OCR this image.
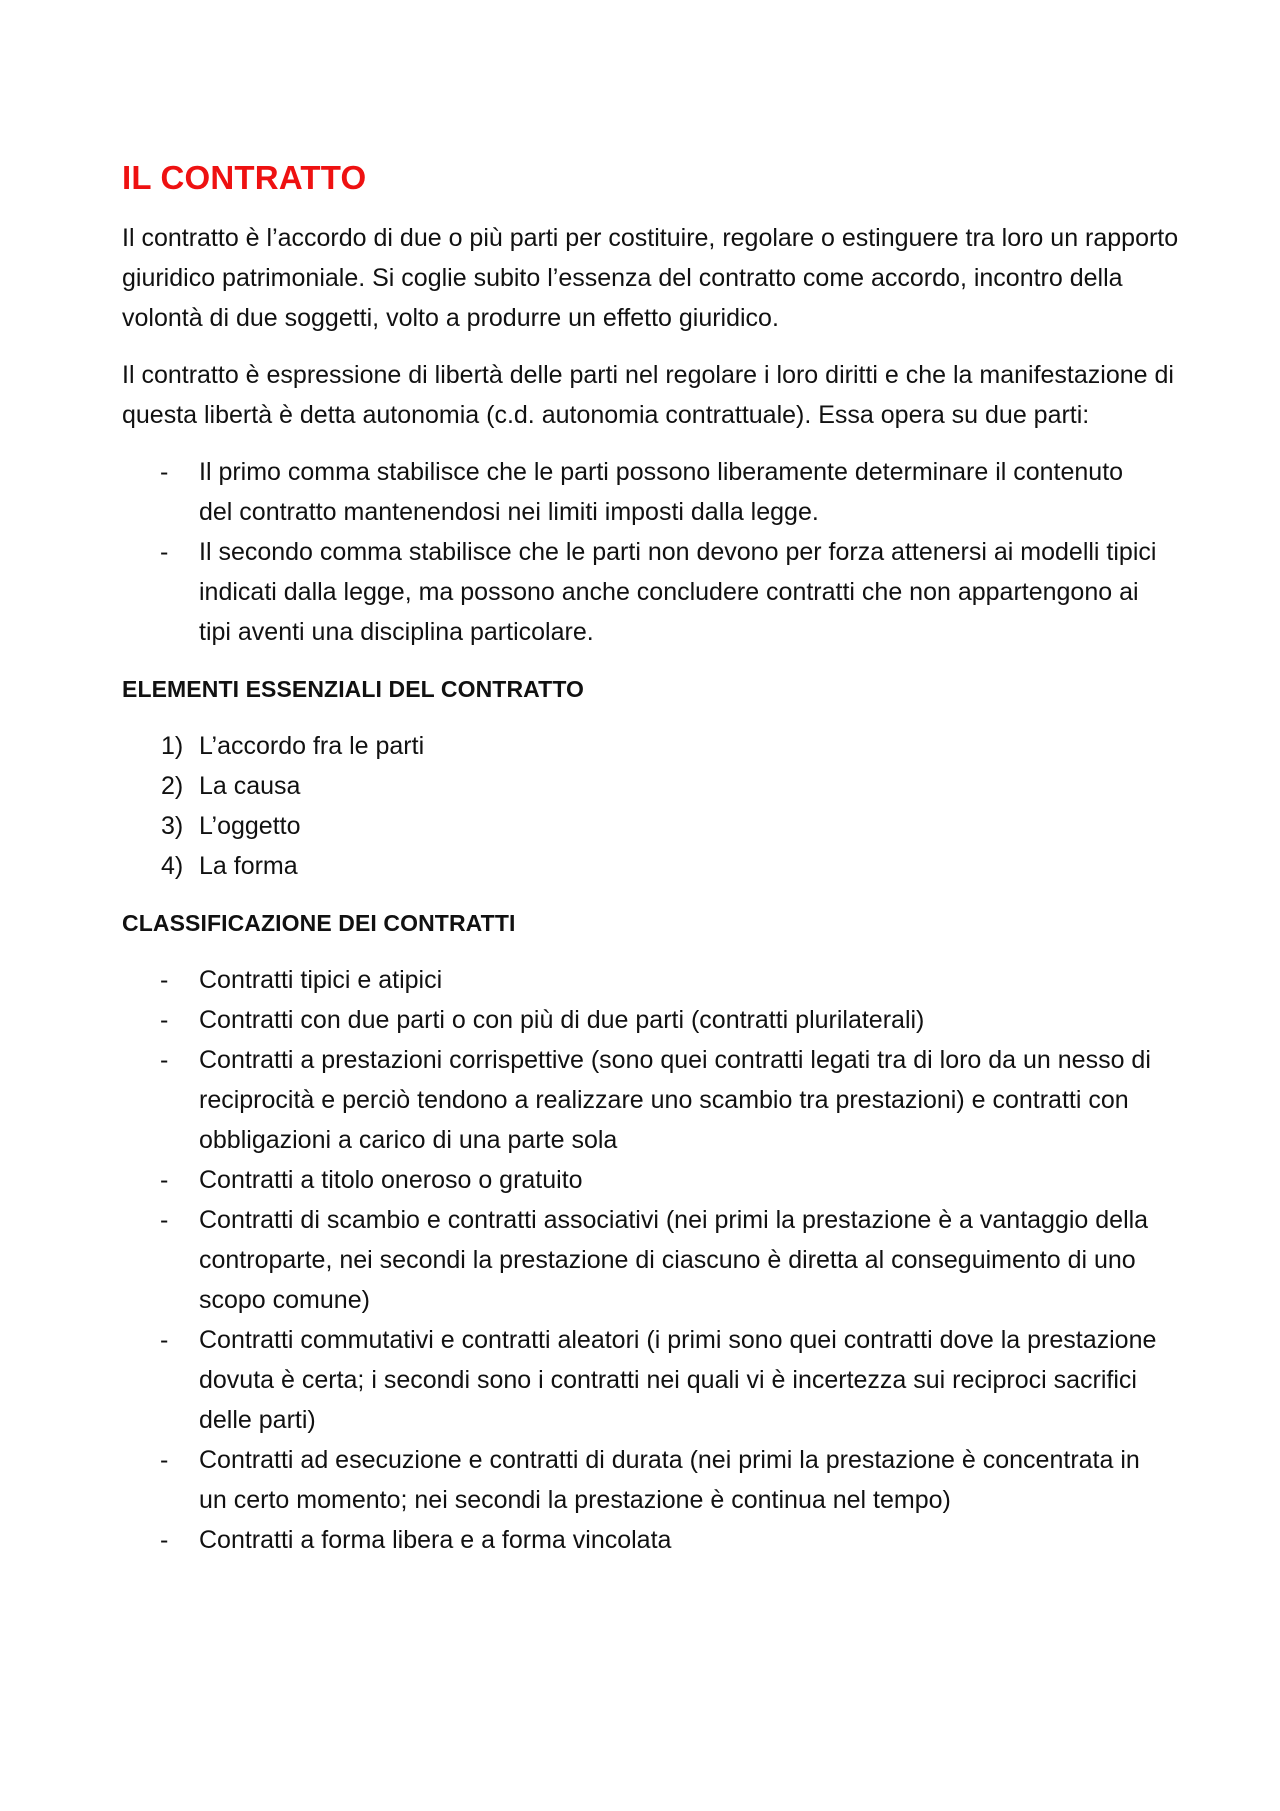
IL CONTRATTO

Il contratto è l’accordo di due o più parti per costituire, regolare o estinguere tra loro un rapporto giuridico patrimoniale. Si coglie subito l’essenza del contratto come accordo, incontro della volontà di due soggetti, volto a produrre un effetto giuridico.

Il contratto è espressione di libertà delle parti nel regolare i loro diritti e che la manifestazione di questa libertà è detta autonomia (c.d. autonomia contrattuale). Essa opera su due parti:

- Il primo comma stabilisce che le parti possono liberamente determinare il contenuto del contratto mantenendosi nei limiti imposti dalla legge.
- Il secondo comma stabilisce che le parti non devono per forza attenersi ai modelli tipici indicati dalla legge, ma possono anche concludere contratti che non appartengono ai tipi aventi una disciplina particolare.
ELEMENTI ESSENZIALI DEL CONTRATTO
1) L’accordo fra le parti
2) La causa
3) L’oggetto
4) La forma
CLASSIFICAZIONE DEI CONTRATTI
- Contratti tipici e atipici
- Contratti con due parti o con più di due parti (contratti plurilaterali)
- Contratti a prestazioni corrispettive (sono quei contratti legati tra di loro da un nesso di reciprocità e perciò tendono a realizzare uno scambio tra prestazioni) e contratti con obbligazioni a carico di una parte sola
- Contratti a titolo oneroso o gratuito
- Contratti di scambio e contratti associativi (nei primi la prestazione è a vantaggio della controparte, nei secondi la prestazione di ciascuno è diretta al conseguimento di uno scopo comune)
- Contratti commutativi e contratti aleatori (i primi sono quei contratti dove la prestazione dovuta è certa; i secondi sono i contratti nei quali vi è incertezza sui reciproci sacrifici delle parti)
- Contratti ad esecuzione e contratti di durata (nei primi la prestazione è concentrata in un certo momento; nei secondi la prestazione è continua nel tempo)
- Contratti a forma libera e a forma vincolata
